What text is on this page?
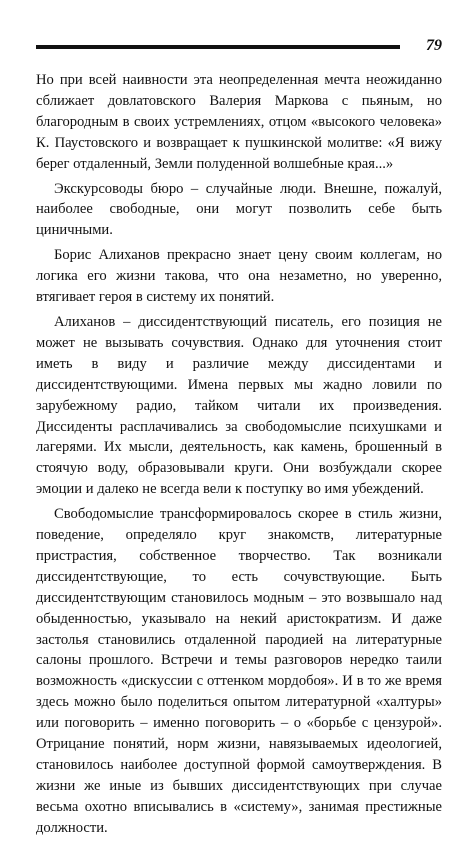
79

Но при всей наивности эта неопределенная мечта неожиданно сближает довлатовского Валерия Маркова с пьяным, но благородным в своих устремлениях, отцом «высокого человека» К. Паустовского и возвращает к пушкинской молитве: «Я вижу берег отдаленный, Земли полуденной волшебные края...»

Экскурсоводы бюро – случайные люди. Внешне, пожалуй, наиболее свободные, они могут позволить себе быть циничными.

Борис Алиханов прекрасно знает цену своим коллегам, но логика его жизни такова, что она незаметно, но уверенно, втягивает героя в систему их понятий.

Алиханов – диссидентствующий писатель, его позиция не может не вызывать сочувствия. Однако для уточнения стоит иметь в виду и различие между диссидентами и диссидентствующими. Имена первых мы жадно ловили по зарубежному радио, тайком читали их произведения. Диссиденты расплачивались за свободомыслие психушками и лагерями. Их мысли, деятельность, как камень, брошенный в стоячую воду, образовывали круги. Они возбуждали скорее эмоции и далеко не всегда вели к поступку во имя убеждений.

Свободомыслие трансформировалось скорее в стиль жизни, поведение, определяло круг знакомств, литературные пристрастия, собственное творчество. Так возникали диссидентствующие, то есть сочувствующие. Быть диссидентствующим становилось модным – это возвышало над обыденностью, указывало на некий аристократизм. И даже застолья становились отдаленной пародией на литературные салоны прошлого. Встречи и темы разговоров нередко таили возможность «дискуссии с оттенком мордобоя». И в то же время здесь можно было поделиться опытом литературной «халтуры» или поговорить – именно поговорить – о «борьбе с цензурой». Отрицание понятий, норм жизни, навязываемых идеологией, становилось наиболее доступной формой самоутверждения. В жизни же иные из бывших диссидентствующих при случае весьма охотно вписывались в «систему», занимая престижные должности.
